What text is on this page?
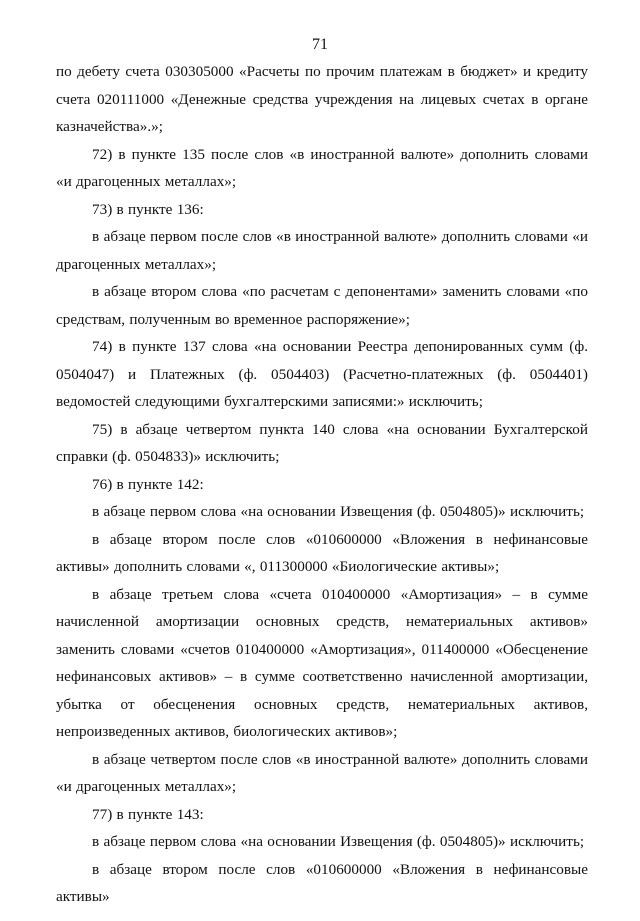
71

по дебету счета 030305000 «Расчеты по прочим платежам в бюджет» и кредиту счета 020111000 «Денежные средства учреждения на лицевых счетах в органе казначейства».»;

72) в пункте 135 после слов «в иностранной валюте» дополнить словами «и драгоценных металлах»;

73) в пункте 136:

в абзаце первом после слов «в иностранной валюте» дополнить словами «и драгоценных металлах»;

в абзаце втором слова «по расчетам с депонентами» заменить словами «по средствам, полученным во временное распоряжение»;

74) в пункте 137 слова «на основании Реестра депонированных сумм (ф. 0504047) и Платежных (ф. 0504403) (Расчетно-платежных (ф. 0504401) ведомостей следующими бухгалтерскими записями:» исключить;

75) в абзаце четвертом пункта 140 слова «на основании Бухгалтерской справки (ф. 0504833)» исключить;

76) в пункте 142:

в абзаце первом слова «на основании Извещения (ф. 0504805)» исключить;

в абзаце втором после слов «010600000 «Вложения в нефинансовые активы» дополнить словами «, 011300000 «Биологические активы»;

в абзаце третьем слова «счета 010400000 «Амортизация» – в сумме начисленной амортизации основных средств, нематериальных активов» заменить словами «счетов 010400000 «Амортизация», 011400000 «Обесценение нефинансовых активов» – в сумме соответственно начисленной амортизации, убытка от обесценения основных средств, нематериальных активов, непроизведенных активов, биологических активов»;

в абзаце четвертом после слов «в иностранной валюте» дополнить словами «и драгоценных металлах»;

77) в пункте 143:

в абзаце первом слова «на основании Извещения (ф. 0504805)» исключить;

в абзаце втором после слов «010600000 «Вложения в нефинансовые активы»
